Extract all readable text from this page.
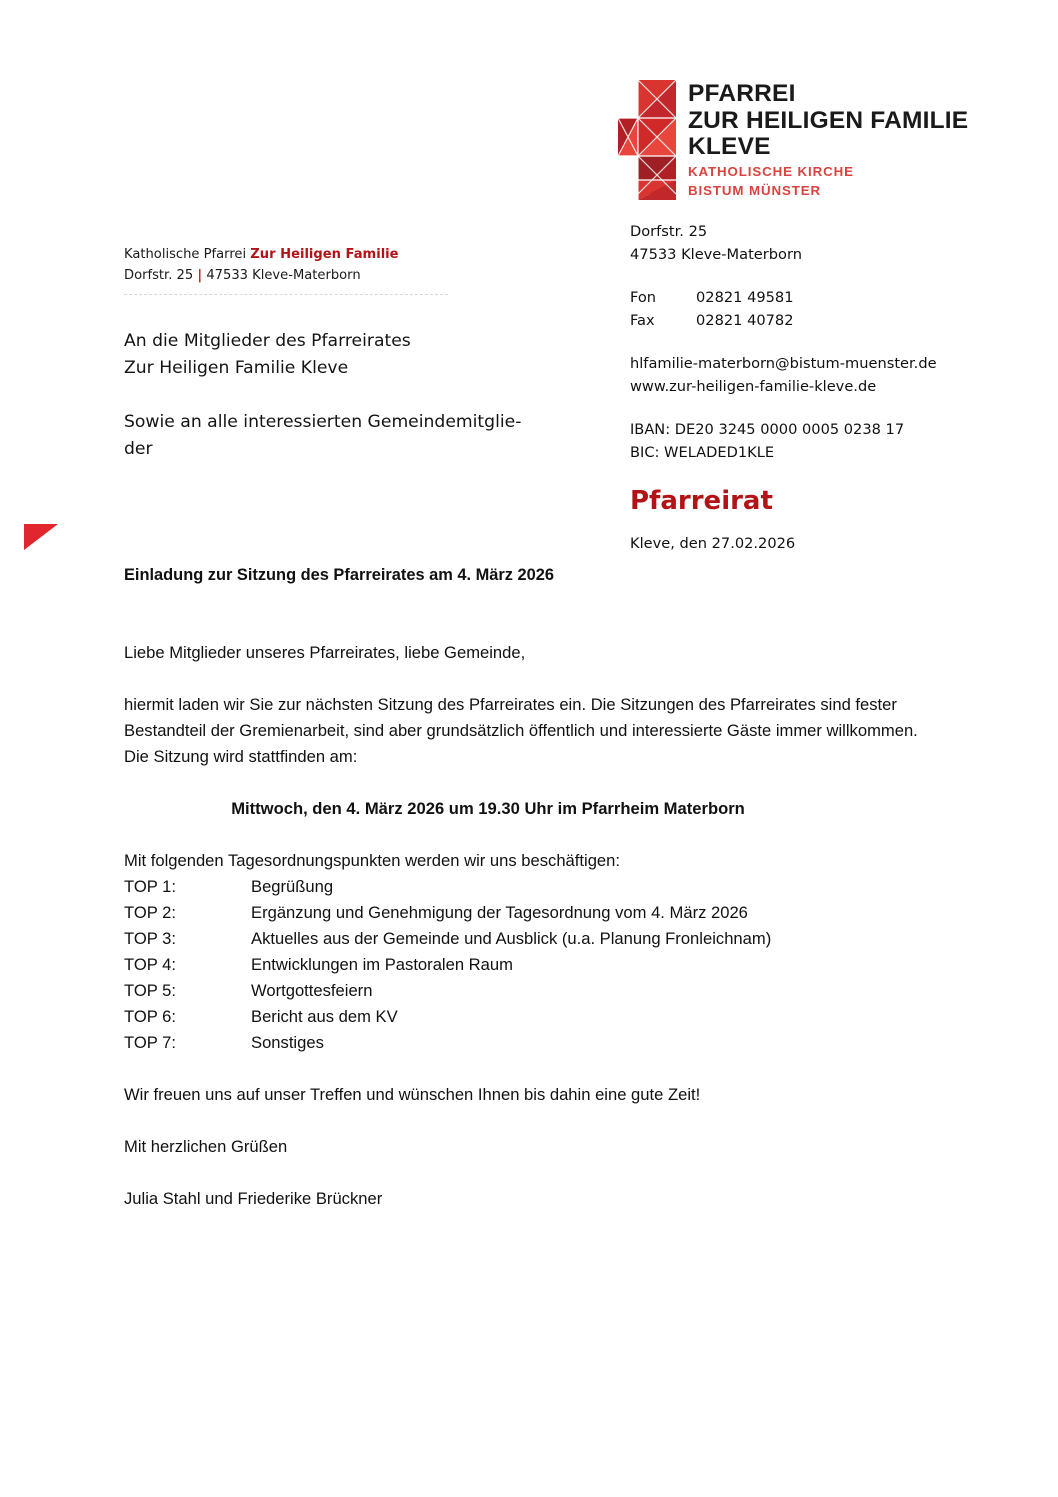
PFARREI
ZUR HEILIGEN FAMILIE
KLEVE
KATHOLISCHE KIRCHE
BISTUM MÜNSTER
Dorfstr. 25
47533 Kleve-Materborn
Fon	02821 49581
Fax	02821 40782
hlfamilie-materborn@bistum-muenster.de
www.zur-heiligen-familie-kleve.de
IBAN: DE20 3245 0000 0005 0238 17
BIC: WELADED1KLE
Pfarreirat
Kleve, den 27.02.2026
Katholische Pfarrei Zur Heiligen Familie
Dorfstr. 25 | 47533 Kleve-Materborn
An die Mitglieder des Pfarreirates
Zur Heiligen Familie Kleve
Sowie an alle interessierten Gemeindemitglie-
der
Einladung zur Sitzung des Pfarreirates am 4. März 2026
Liebe Mitglieder unseres Pfarreirates, liebe Gemeinde,
hiermit laden wir Sie zur nächsten Sitzung des Pfarreirates ein. Die Sitzungen des Pfarreirates sind fester Bestandteil der Gremienarbeit, sind aber grundsätzlich öffentlich und interessierte Gäste immer willkommen. Die Sitzung wird stattfinden am:
Mittwoch, den 4. März 2026 um 19.30 Uhr im Pfarrheim Materborn
Mit folgenden Tagesordnungspunkten werden wir uns beschäftigen:
TOP 1:	Begrüßung
TOP 2:	Ergänzung und Genehmigung der Tagesordnung vom 4. März 2026
TOP 3:	Aktuelles aus der Gemeinde und Ausblick (u.a. Planung Fronleichnam)
TOP 4:	Entwicklungen im Pastoralen Raum
TOP 5:	Wortgottesfeiern
TOP 6:	Bericht aus dem KV
TOP 7:	Sonstiges
Wir freuen uns auf unser Treffen und wünschen Ihnen bis dahin eine gute Zeit!
Mit herzlichen Grüßen
Julia Stahl und Friederike Brückner
